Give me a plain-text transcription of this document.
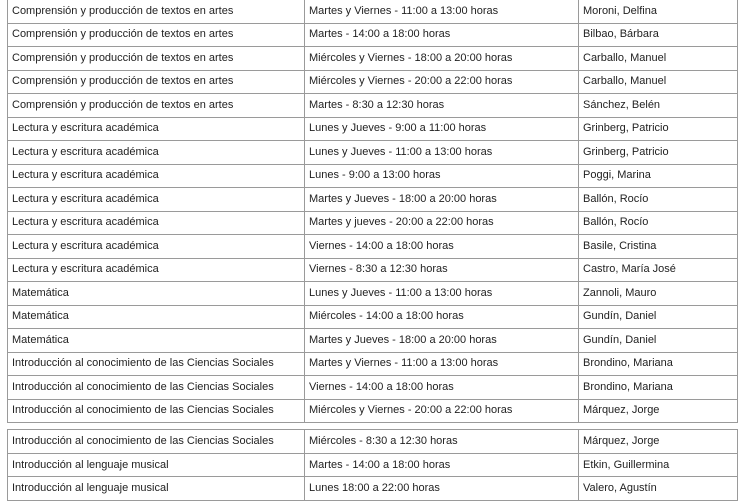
Comprensión y producción de textos en artes	Martes y Viernes - 11:00 a 13:00 horas	Moroni, Delfina
Comprensión y producción de textos en artes	Martes - 14:00 a 18:00 horas	Bilbao, Bárbara
Comprensión y producción de textos en artes	Miércoles y Viernes - 18:00 a 20:00 horas	Carballo, Manuel
Comprensión y producción de textos en artes	Miércoles y Viernes - 20:00 a 22:00 horas	Carballo, Manuel
Comprensión y producción de textos en artes	Martes - 8:30 a 12:30 horas	Sánchez, Belén
Lectura y escritura académica	Lunes y Jueves - 9:00 a 11:00 horas	Grinberg, Patricio
Lectura y escritura académica	Lunes y Jueves - 11:00 a 13:00 horas	Grinberg, Patricio
Lectura y escritura académica	Lunes - 9:00 a 13:00 horas	Poggi, Marina
Lectura y escritura académica	Martes y Jueves - 18:00 a 20:00 horas	Ballón, Rocío
Lectura y escritura académica	Martes y jueves - 20:00 a 22:00 horas	Ballón, Rocío
Lectura y escritura académica	Viernes - 14:00 a 18:00 horas	Basile, Cristina
Lectura y escritura académica	Viernes - 8:30 a 12:30 horas	Castro, María José
Matemática	Lunes y Jueves - 11:00 a 13:00 horas	Zannoli, Mauro
Matemática	Miércoles - 14:00 a 18:00 horas	Gundín, Daniel
Matemática	Martes y Jueves - 18:00 a 20:00 horas	Gundín, Daniel
Introducción al conocimiento de las Ciencias Sociales	Martes y Viernes - 11:00 a 13:00 horas	Brondino, Mariana
Introducción al conocimiento de las Ciencias Sociales	Viernes - 14:00 a 18:00 horas	Brondino, Mariana
Introducción al conocimiento de las Ciencias Sociales	Miércoles y Viernes - 20:00 a 22:00 horas	Márquez, Jorge
Introducción al conocimiento de las Ciencias Sociales	Miércoles - 8:30 a 12:30 horas	Márquez, Jorge
Introducción al lenguaje musical	Martes - 14:00 a 18:00 horas	Etkin, Guillermina
Introducción al lenguaje musical	Lunes 18:00 a 22:00 horas	Valero, Agustín
